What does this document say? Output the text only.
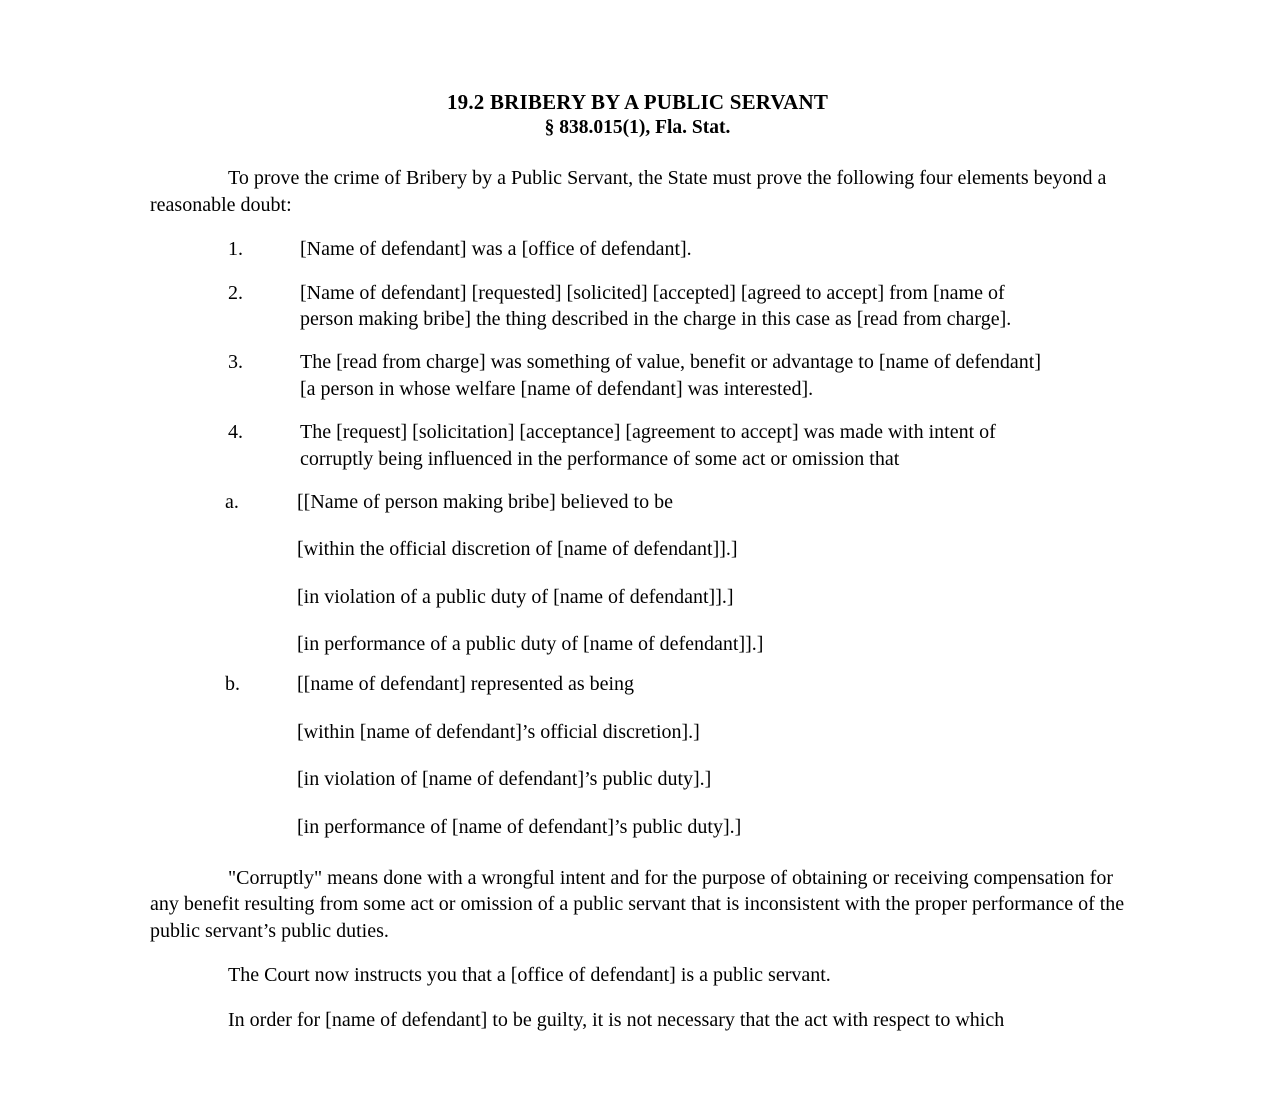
19.2 BRIBERY BY A PUBLIC SERVANT
§ 838.015(1), Fla. Stat.

To prove the crime of Bribery by a Public Servant, the State must prove the following four elements beyond a reasonable doubt:

1.	[Name of defendant] was a [office of defendant].
2.	[Name of defendant] [requested] [solicited] [accepted] [agreed to accept] from [name of person making bribe] the thing described in the charge in this case as [read from charge].
3.	The [read from charge] was something of value, benefit or advantage to [name of defendant] [a person in whose welfare [name of defendant] was interested].
4.	The [request] [solicitation] [acceptance] [agreement to accept] was made with intent of corruptly being influenced in the performance of some act or omission that
a.	[[Name of person making bribe] believed to be
[within the official discretion of [name of defendant]].]
[in violation of a public duty of [name of defendant]].]
[in performance of a public duty of [name of defendant]].]
b.	[[name of defendant] represented as being
[within [name of defendant]’s official discretion].]
[in violation of [name of defendant]’s public duty].]
[in performance of [name of defendant]’s public duty].]

"Corruptly" means done with a wrongful intent and for the purpose of obtaining or receiving compensation for any benefit resulting from some act or omission of a public servant that is inconsistent with the proper performance of the public servant’s public duties.

The Court now instructs you that a [office of defendant] is a public servant.

In order for [name of defendant] to be guilty, it is not necessary that the act with respect to which
